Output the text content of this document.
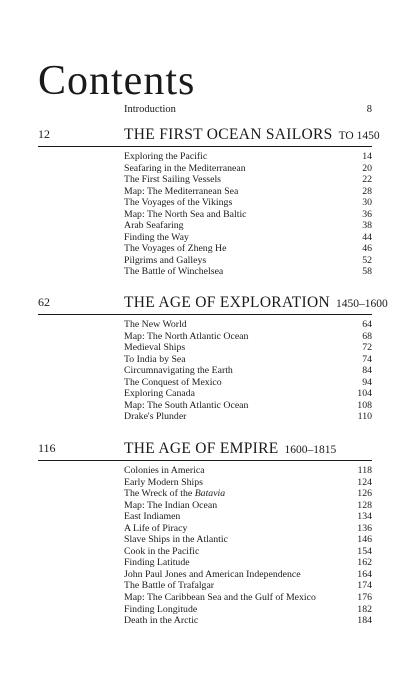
Contents
Introduction	8
12	THE FIRST OCEAN SAILORS TO 1450
Exploring the Pacific	14
Seafaring in the Mediterranean	20
The First Sailing Vessels	22
Map: The Mediterranean Sea	28
The Voyages of the Vikings	30
Map: The North Sea and Baltic	36
Arab Seafaring	38
Finding the Way	44
The Voyages of Zheng He	46
Pilgrims and Galleys	52
The Battle of Winchelsea	58
62	THE AGE OF EXPLORATION 1450–1600
The New World	64
Map: The North Atlantic Ocean	68
Medieval Ships	72
To India by Sea	74
Circumnavigating the Earth	84
The Conquest of Mexico	94
Exploring Canada	104
Map: The South Atlantic Ocean	108
Drake's Plunder	110
116	THE AGE OF EMPIRE 1600–1815
Colonies in America	118
Early Modern Ships	124
The Wreck of the Batavia	126
Map: The Indian Ocean	128
East Indiamen	134
A Life of Piracy	136
Slave Ships in the Atlantic	146
Cook in the Pacific	154
Finding Latitude	162
John Paul Jones and American Independence	164
The Battle of Trafalgar	174
Map: The Caribbean Sea and the Gulf of Mexico	176
Finding Longitude	182
Death in the Arctic	184
